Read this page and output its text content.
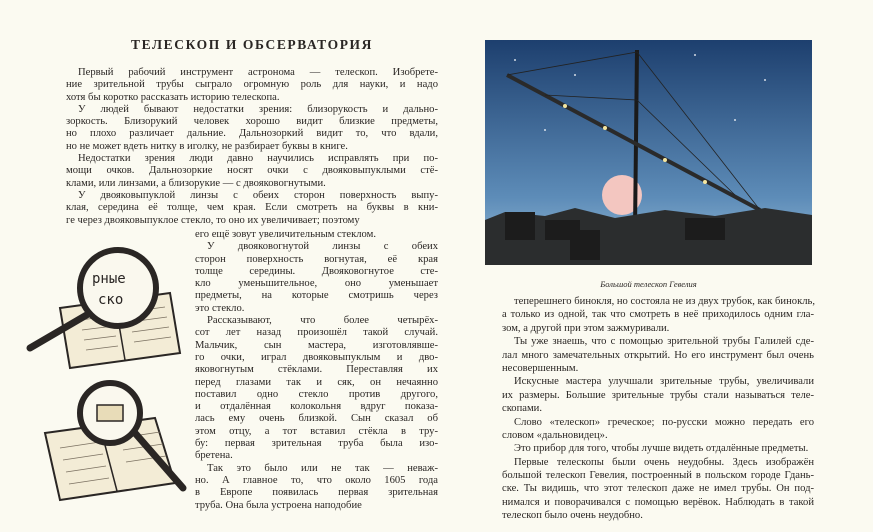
ТЕЛЕСКОП И ОБСЕРВАТОРИЯ
Первый рабочий инструмент астронома — телескоп. Изобрете-
ние зрительной трубы сыграло огромную роль для науки, и надо
хотя бы коротко рассказать историю телескопа.
У людей бывают недостатки зрения: близорукость и дально-
зоркость. Близорукий человек хорошо видит близкие предметы,
но плохо различает дальние. Дальнозоркий видит то, что вдали,
но не может вдеть нитку в иголку, не разбирает буквы в книге.
Недостатки зрения люди давно научились исправлять при по-
мощи очков. Дальнозоркие носят очки с двояковыпуклыми стё-
клами, или линзами, а близорукие — с двояковогнутыми.
У двояковыпуклой линзы с обеих сторон поверхность выпу-
клая, середина её толще, чем края. Если смотреть на буквы в кни-
ге через двояковыпуклое стекло, то оно их увеличивает; поэтому
его ещё зовут увеличительным стеклом.
У двояковогнутой линзы с обеих
сторон поверхность вогнутая, её края
толще середины. Двояковогнутое сте-
кло уменьшительное, оно уменьшает
предметы, на которые смотришь через
это стекло.
Рассказывают, что более четырёх-
сот лет назад произошёл такой случай.
Мальчик, сын мастера, изготовлявше-
го очки, играл двояковыпуклым и дво-
яковогнутым стёклами. Переставляя их
перед глазами так и сяк, он нечаянно
поставил одно стекло против другого,
и отдалённая колокольня вдруг показа-
лась ему очень близкой. Сын сказал об
этом отцу, а тот вставил стёкла в тру-
бу: первая зрительная труба была изо-
бретена.
Так это было или не так — неваж-
но. А главное то, что около 1605 года
в Европе появилась первая зрительная
труба. Она была устроена наподобие
рные
ско
Большой телескоп Гевелия
теперешнего бинокля, но состояла не из двух трубок, как бинокль,
а только из одной, так что смотреть в неё приходилось одним гла-
зом, а другой при этом зажмуривали.
Ты уже знаешь, что с помощью зрительной трубы Галилей сде-
лал много замечательных открытий. Но его инструмент был очень
несовершенным.
Искусные мастера улучшали зрительные трубы, увеличивали
их размеры. Большие зрительные трубы стали называться теле-
скопами.
Слово «телескоп» греческое; по-русски можно передать его
словом «дальновидец».
Это прибор для того, чтобы лучше видеть отдалённые предметы.
Первые телескопы были очень неудобны. Здесь изображён
большой телескоп Гевелия, построенный в польском городе Гдань-
ске. Ты видишь, что этот телескоп даже не имел трубы. Он под-
нимался и поворачивался с помощью верёвок. Наблюдать в такой
телескоп было очень неудобно.
